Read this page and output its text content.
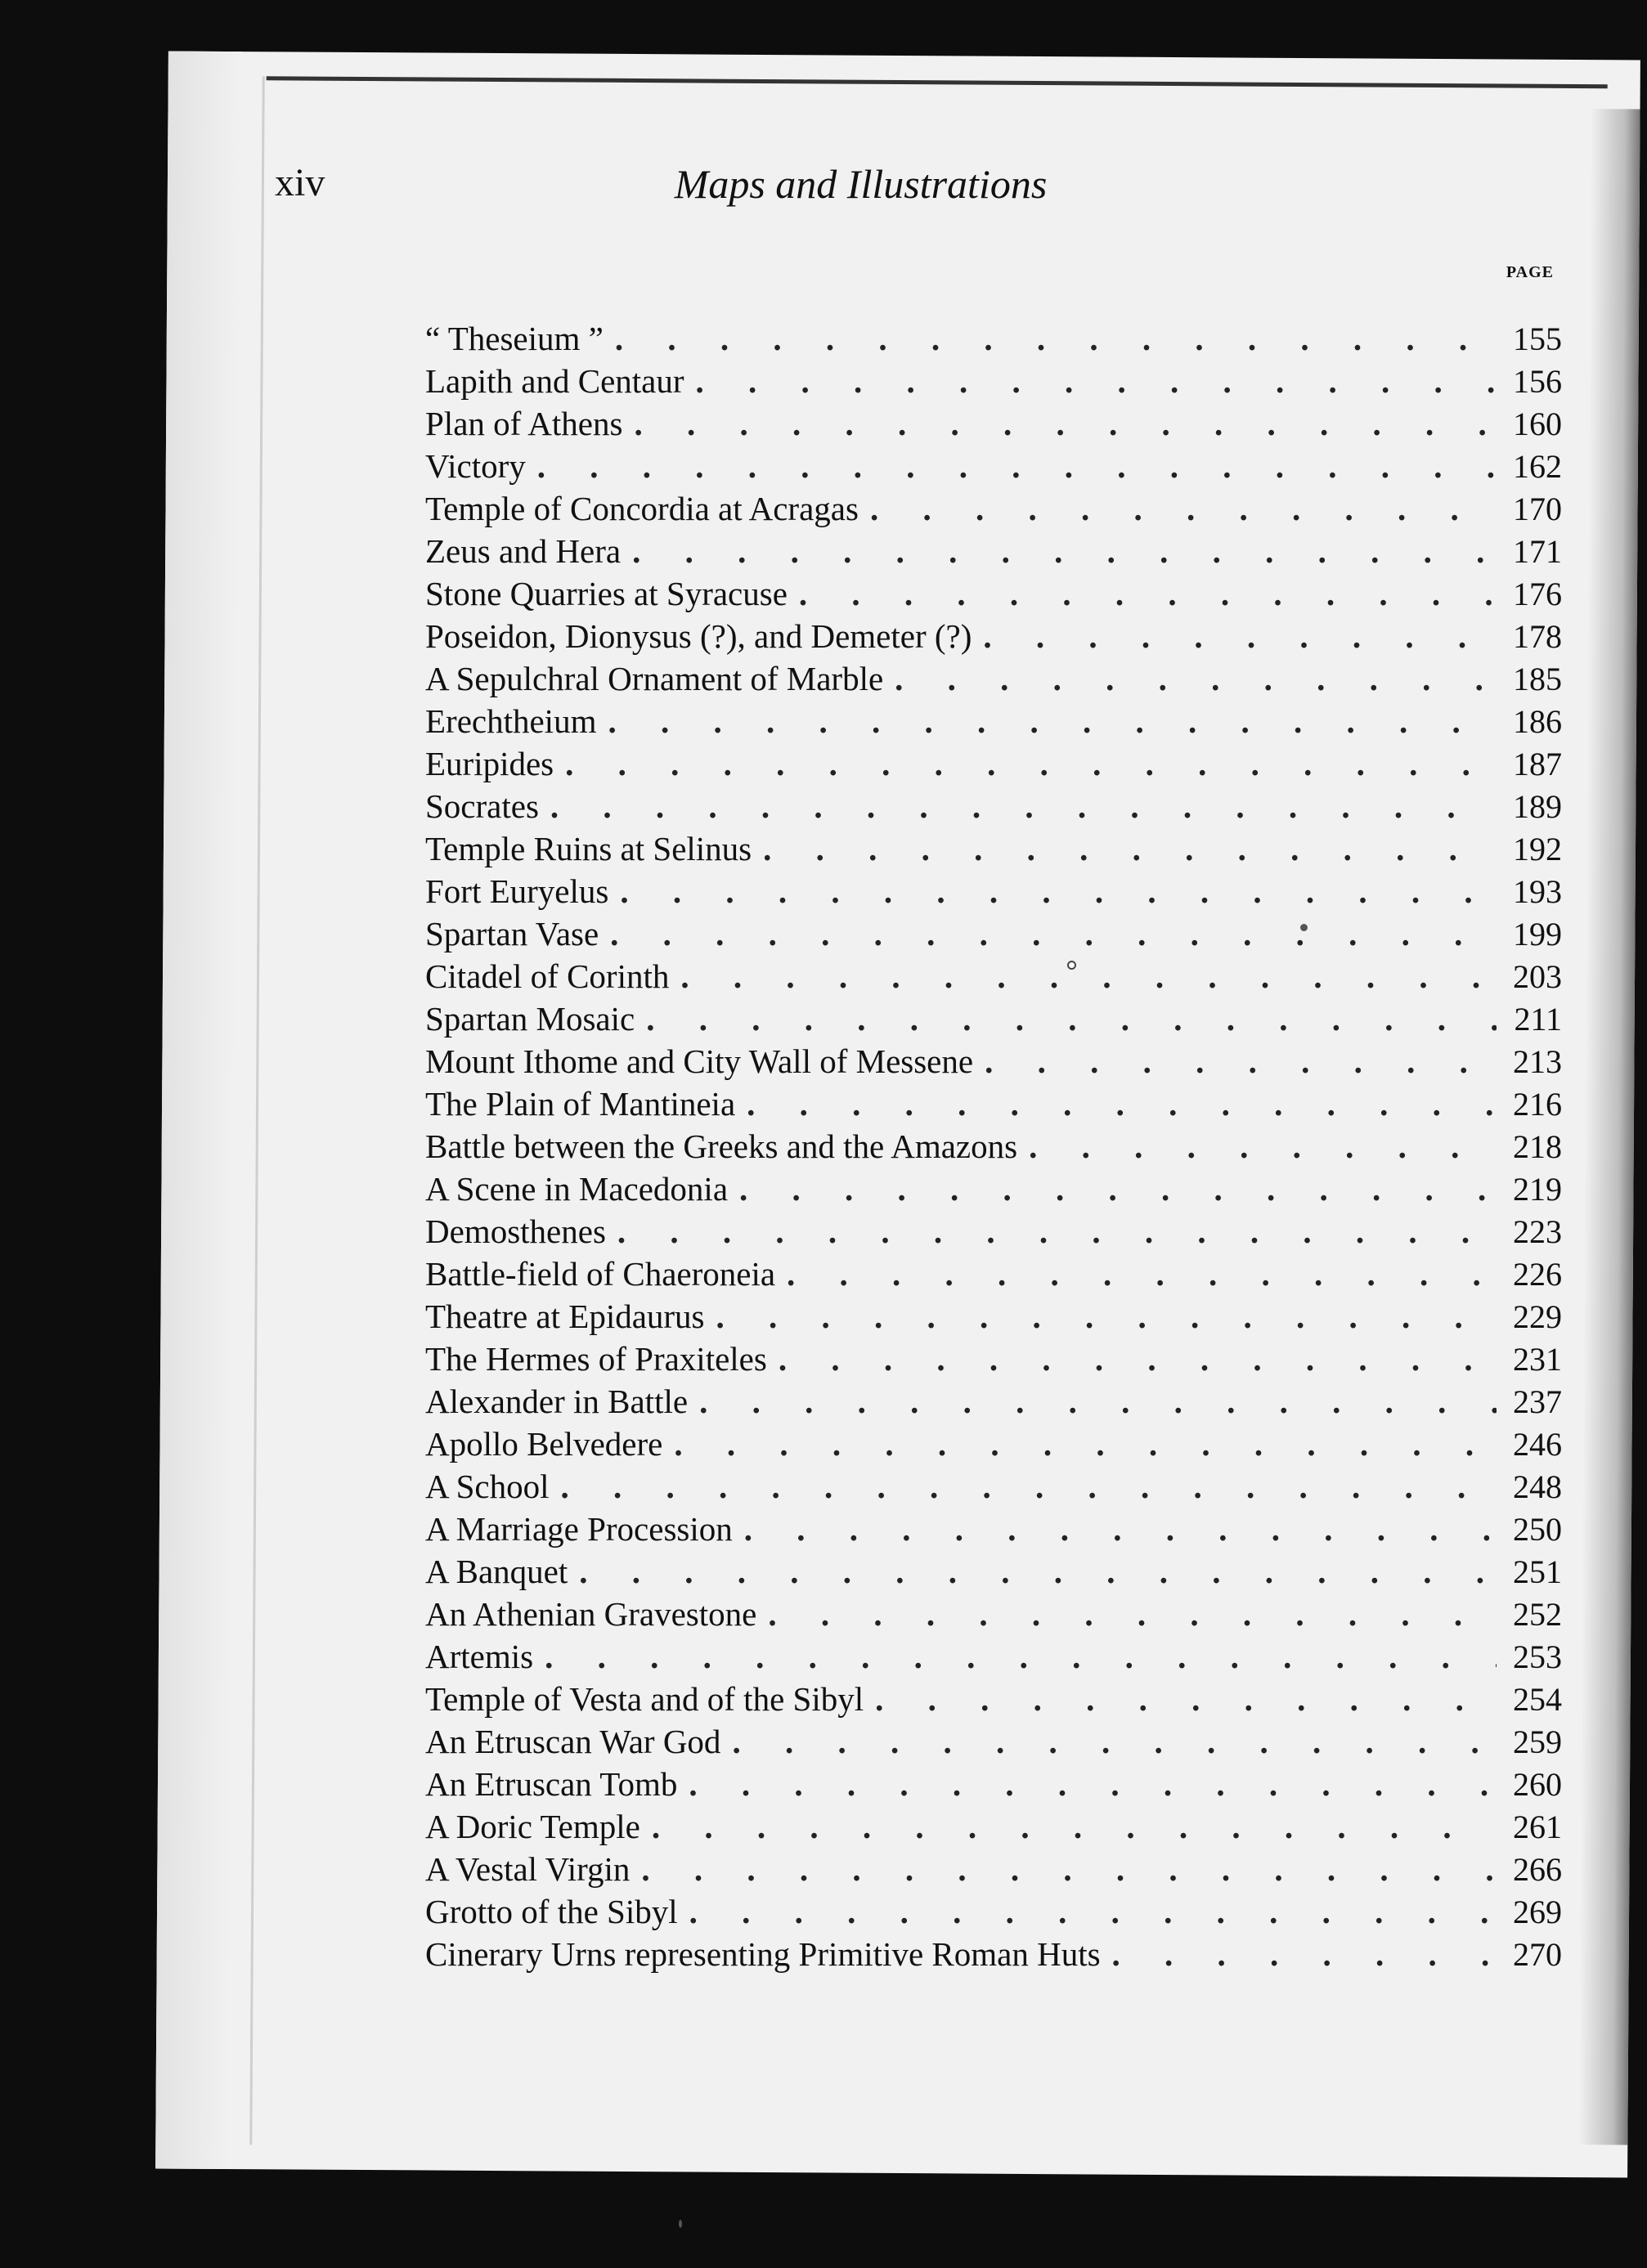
xiv	Maps and Illustrations
PAGE
“ Theseium ” . . .	155
Lapith and Centaur . . .	156
Plan of Athens . . .	160
Victory . . .	162
Temple of Concordia at Acragas . . .	170
Zeus and Hera . . .	171
Stone Quarries at Syracuse . . .	176
Poseidon, Dionysus (?), and Demeter (?) . . .	178
A Sepulchral Ornament of Marble . . .	185
Erechtheium . . .	186
Euripides . . .	187
Socrates . . .	189
Temple Ruins at Selinus . . .	192
Fort Euryelus . . .	193
Spartan Vase . . .	199
Citadel of Corinth . . .	203
Spartan Mosaic . . .	211
Mount Ithome and City Wall of Messene . . .	213
The Plain of Mantineia . . .	216
Battle between the Greeks and the Amazons . . .	218
A Scene in Macedonia . . .	219
Demosthenes . . .	223
Battle-field of Chaeroneia . . .	226
Theatre at Epidaurus . . .	229
The Hermes of Praxiteles . . .	231
Alexander in Battle . . .	237
Apollo Belvedere . . .	246
A School . . .	248
A Marriage Procession . . .	250
A Banquet . . .	251
An Athenian Gravestone . . .	252
Artemis . . .	253
Temple of Vesta and of the Sibyl . . .	254
An Etruscan War God . . .	259
An Etruscan Tomb . . .	260
A Doric Temple . . .	261
A Vestal Virgin . . .	266
Grotto of the Sibyl . . .	269
Cinerary Urns representing Primitive Roman Huts . . .	270
